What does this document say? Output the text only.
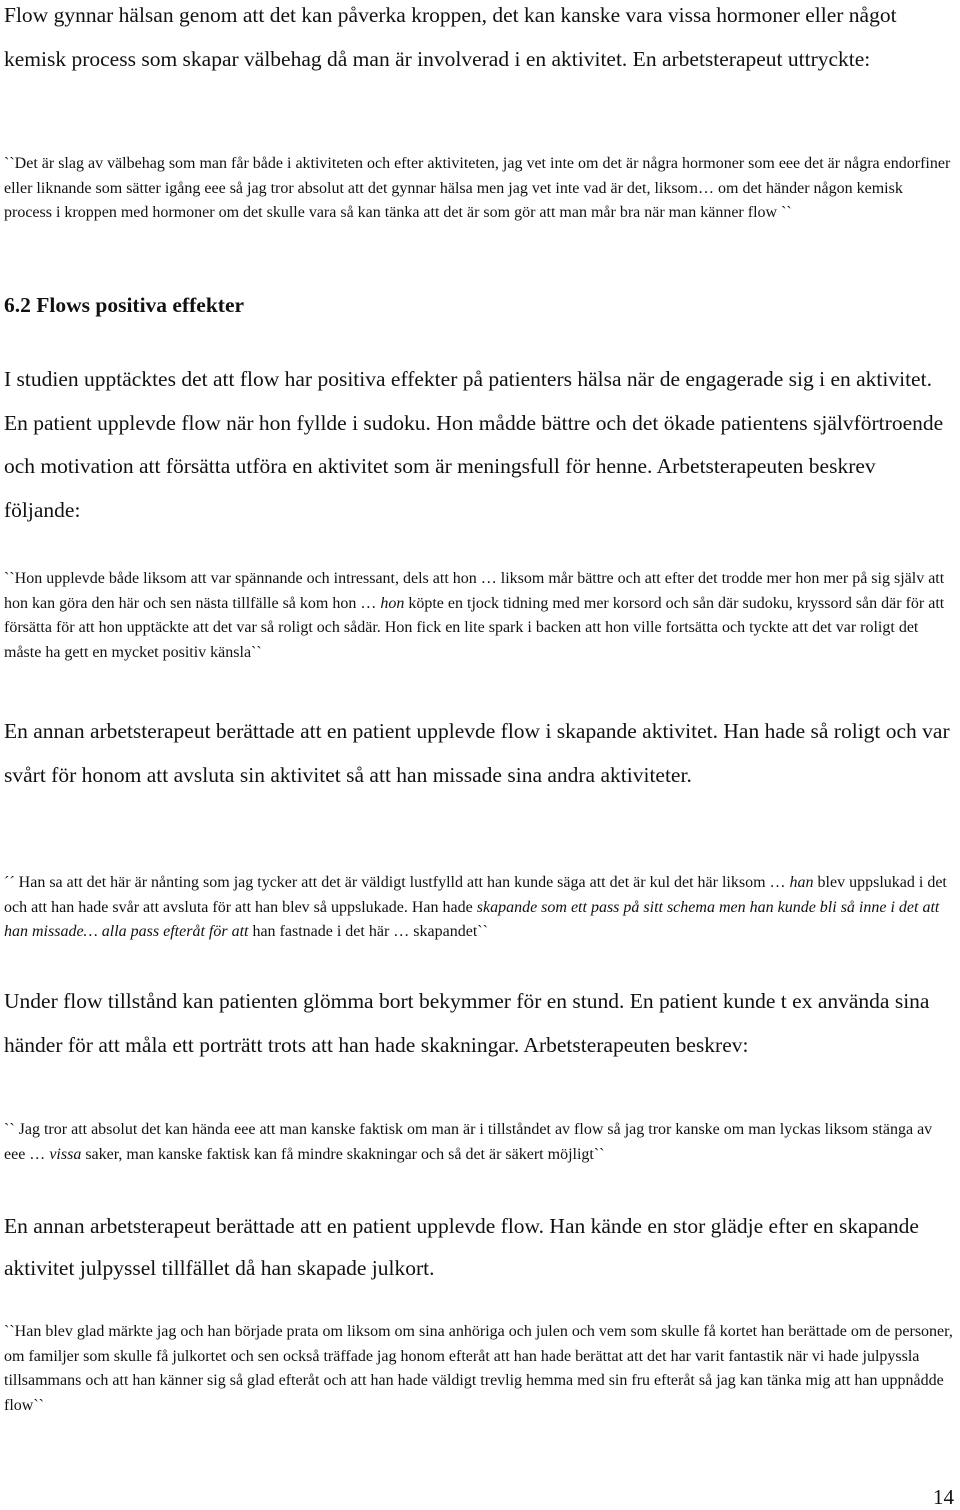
Flow gynnar hälsan genom att det kan påverka kroppen, det kan kanske vara vissa hormoner eller något kemisk process som skapar välbehag då man är involverad i en aktivitet. En arbetsterapeut uttryckte:

``Det är slag av välbehag som man får både i aktiviteten och efter aktiviteten, jag vet inte om det är några hormoner som eee det är några endorfiner eller liknande som sätter igång eee så jag tror absolut att det gynnar hälsa men jag vet inte vad är det, liksom… om det händer någon kemisk process i kroppen med hormoner om det skulle vara så kan tänka att det är som gör att man mår bra när man känner flow ``

6.2 Flows positiva effekter

I studien upptäcktes det att flow har positiva effekter på patienters hälsa när de engagerade sig i en aktivitet. En patient upplevde flow när hon fyllde i sudoku. Hon mådde bättre och det ökade patientens självförtroende och motivation att försätta utföra en aktivitet som är meningsfull för henne. Arbetsterapeuten beskrev följande:

``Hon upplevde både liksom att var spännande och intressant, dels att hon … liksom mår bättre och att efter det trodde mer hon mer på sig själv att hon kan göra den här och sen nästa tillfälle så kom hon … hon köpte en tjock tidning med mer korsord och sån där sudoku, kryssord sån där för att försätta för att hon upptäckte att det var så roligt och sådär. Hon fick en lite spark i backen att hon ville fortsätta och tyckte att det var roligt det måste ha gett en mycket positiv känsla``

En annan arbetsterapeut berättade att en patient upplevde flow i skapande aktivitet. Han hade så roligt och var svårt för honom att avsluta sin aktivitet så att han missade sina andra aktiviteter.

´´ Han sa att det här är nånting som jag tycker att det är väldigt lustfylld att han kunde säga att det är kul det här liksom … han blev uppslukad i det och att han hade svår att avsluta för att han blev så uppslukade. Han hade skapande som ett pass på sitt schema men han kunde bli så inne i det att han missade… alla pass efteråt för att han fastnade i det här … skapandet``

Under flow tillstånd kan patienten glömma bort bekymmer för en stund. En patient kunde t ex använda sina händer för att måla ett porträtt trots att han hade skakningar. Arbetsterapeuten beskrev:

`` Jag tror att absolut det kan hända eee att man kanske faktisk om man är i tillståndet av flow så jag tror kanske om man lyckas liksom stänga av eee … vissa saker, man kanske faktisk kan få mindre skakningar och så det är säkert möjligt``

En annan arbetsterapeut berättade att en patient upplevde flow. Han kände en stor glädje efter en skapande aktivitet julpyssel tillfället då han skapade julkort.

``Han blev glad märkte jag och han började prata om liksom om sina anhöriga och julen och vem som skulle få kortet han berättade om de personer, om familjer som skulle få julkortet och sen också träffade jag honom efteråt att han hade berättat att det har varit fantastik när vi hade julpyssla tillsammans och att han känner sig så glad efteråt och att han hade väldigt trevlig hemma med sin fru efteråt så jag kan tänka mig att han uppnådde flow``

14
